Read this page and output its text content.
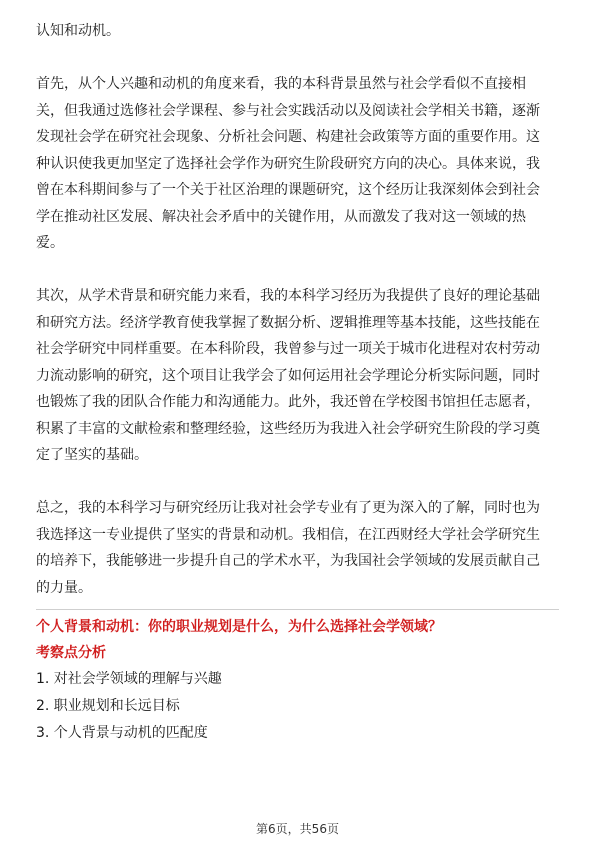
认知和动机。
首先，从个人兴趣和动机的角度来看，我的本科背景虽然与社会学看似不直接相
关，但我通过选修社会学课程、参与社会实践活动以及阅读社会学相关书籍，逐渐
发现社会学在研究社会现象、分析社会问题、构建社会政策等方面的重要作用。这
种认识使我更加坚定了选择社会学作为研究生阶段研究方向的决心。具体来说，我
曾在本科期间参与了一个关于社区治理的课题研究，这个经历让我深刻体会到社会
学在推动社区发展、解决社会矛盾中的关键作用，从而激发了我对这一领域的热
爱。
其次，从学术背景和研究能力来看，我的本科学习经历为我提供了良好的理论基础
和研究方法。经济学教育使我掌握了数据分析、逻辑推理等基本技能，这些技能在
社会学研究中同样重要。在本科阶段，我曾参与过一项关于城市化进程对农村劳动
力流动影响的研究，这个项目让我学会了如何运用社会学理论分析实际问题，同时
也锻炼了我的团队合作能力和沟通能力。此外，我还曾在学校图书馆担任志愿者，
积累了丰富的文献检索和整理经验，这些经历为我进入社会学研究生阶段的学习奠
定了坚实的基础。
总之，我的本科学习与研究经历让我对社会学专业有了更为深入的了解，同时也为
我选择这一专业提供了坚实的背景和动机。我相信，在江西财经大学社会学研究生
的培养下，我能够进一步提升自己的学术水平，为我国社会学领域的发展贡献自己
的力量。
个人背景和动机：你的职业规划是什么，为什么选择社会学领域？
考察点分析
1. 对社会学领域的理解与兴趣
2. 职业规划和长远目标
3. 个人背景与动机的匹配度
第6页，共56页
